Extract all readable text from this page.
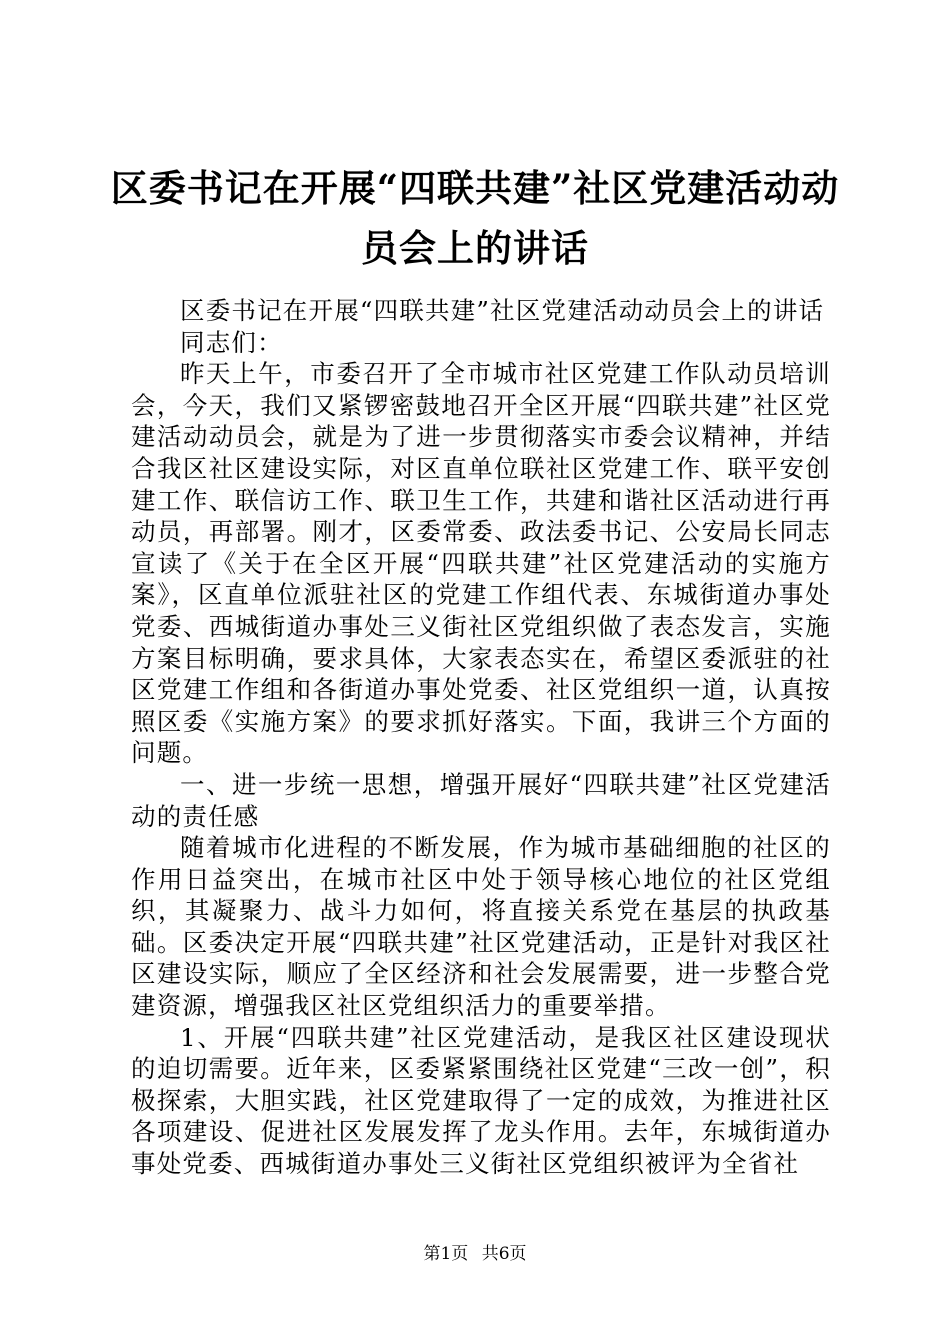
区委书记在开展“四联共建”社区党建活动动
员会上的讲话

区委书记在开展“四联共建”社区党建活动动员会上的讲话

同志们：

昨天上午，市委召开了全市城市社区党建工作队动员培训会，今天，我们又紧锣密鼓地召开全区开展“四联共建”社区党建活动动员会，就是为了进一步贯彻落实市委会议精神，并结合我区社区建设实际，对区直单位联社区党建工作、联平安创建工作、联信访工作、联卫生工作，共建和谐社区活动进行再动员，再部署。刚才，区委常委、政法委书记、公安局长同志宣读了《关于在全区开展“四联共建”社区党建活动的实施方案》，区直单位派驻社区的党建工作组代表、东城街道办事处党委、西城街道办事处三义街社区党组织做了表态发言，实施方案目标明确，要求具体，大家表态实在，希望区委派驻的社区党建工作组和各街道办事处党委、社区党组织一道，认真按照区委《实施方案》的要求抓好落实。下面，我讲三个方面的问题。

一、进一步统一思想，增强开展好“四联共建”社区党建活动的责任感

随着城市化进程的不断发展，作为城市基础细胞的社区的作用日益突出，在城市社区中处于领导核心地位的社区党组织，其凝聚力、战斗力如何，将直接关系党在基层的执政基础。区委决定开展“四联共建”社区党建活动，正是针对我区社区建设实际，顺应了全区经济和社会发展需要，进一步整合党建资源，增强我区社区党组织活力的重要举措。

1、开展“四联共建”社区党建活动，是我区社区建设现状的迫切需要。近年来，区委紧紧围绕社区党建“三改一创”，积极探索，大胆实践，社区党建取得了一定的成效，为推进社区各项建设、促进社区发展发挥了龙头作用。去年，东城街道办事处党委、西城街道办事处三义街社区党组织被评为全省社

第1页 共6页
